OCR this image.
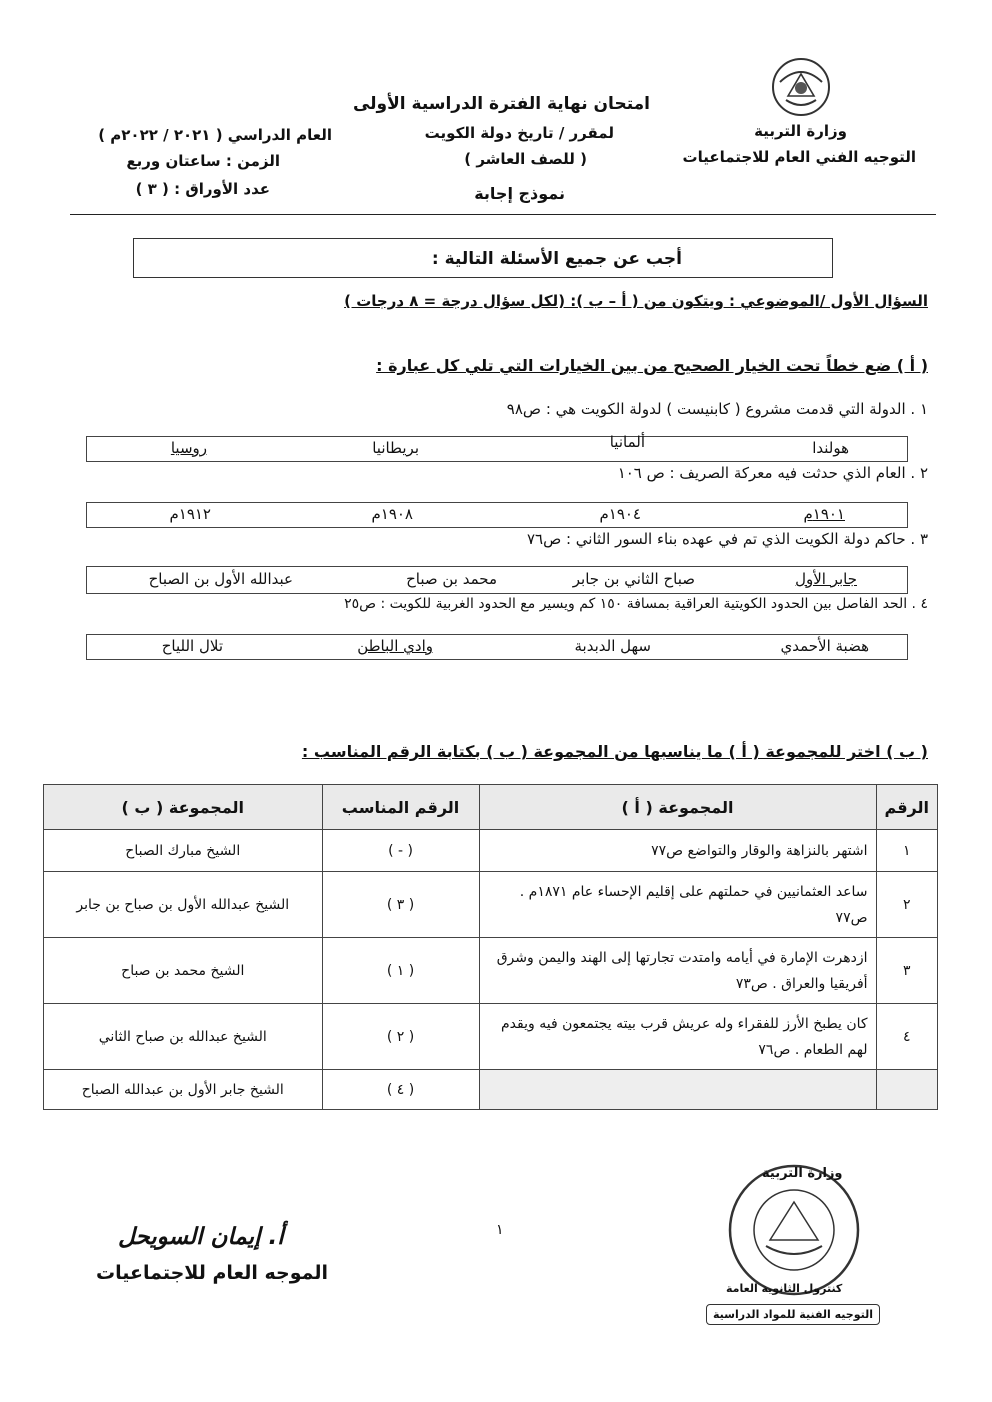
وزارة التربية
التوجيه الفني العام للاجتماعيات
امتحان نهاية الفترة الدراسية الأولى
لمقرر / تاريخ دولة الكويت
( للصف العاشر )
نموذج إجابة
العام الدراسي ( ٢٠٢١ / ٢٠٢٢م )
الزمن : ساعتان وربع
عدد الأوراق : ( ٣ )
أجب عن جميع الأسئلة التالية :
السؤال الأول /الموضوعي : ويتكون من ( أ – ب ): (لكل سؤال درجة = ٨ درجات )
( أ ) ضع خطاً تحت الخيار الصحيح من بين الخيارات التي تلي كل عبارة :
١ . الدولة التي قدمت مشروع ( كابنيست ) لدولة الكويت هي : ص٩٨
هولندا
ألمانيا
بريطانيا
روسيا
٢ . العام الذي حدثت فيه معركة الصريف : ص ١٠٦
١٩٠١م
١٩٠٤م
١٩٠٨م
١٩١٢م
٣ . حاكم دولة الكويت الذي تم في عهده بناء السور الثاني : ص٧٦
جابر الأول
صباح الثاني بن جابر
محمد بن صباح
عبدالله الأول بن الصباح
٤ . الحد الفاصل بين الحدود الكويتية العراقية بمسافة ١٥٠ كم ويسير مع الحدود الغربية للكويت : ص٢٥
هضبة الأحمدي
سهل الدبدبة
وادي الباطن
تلال اللياح
( ب ) اختر للمجموعة ( أ ) ما يناسبها من المجموعة ( ب ) بكتابة الرقم المناسب :
الرقم	المجموعة ( أ )	الرقم المناسب	المجموعة ( ب )
١	اشتهر بالنزاهة والوقار والتواضع ص٧٧	( - )	الشيخ مبارك الصباح
٢	ساعد العثمانيين في حملتهم على إقليم الإحساء عام ١٨٧١م . ص٧٧	( ٣ )	الشيخ عبدالله الأول بن صباح بن جابر
٣	ازدهرت الإمارة في أيامه وامتدت تجارتها إلى الهند واليمن وشرق أفريقيا والعراق . ص٧٣	( ١ )	الشيخ محمد بن صباح
٤	كان يطبخ الأرز للفقراء وله عريش قرب بيته يجتمعون فيه ويقدم لهم الطعام . ص٧٦	( ٢ )	الشيخ عبدالله بن صباح الثاني
		( ٤ )	الشيخ جابر الأول بن عبدالله الصباح
١
أ. إيمان السويحل
الموجه العام للاجتماعيات
وزارة التربية
كنترول الثانوية العامة
التوجيه الفنية للمواد الدراسية
